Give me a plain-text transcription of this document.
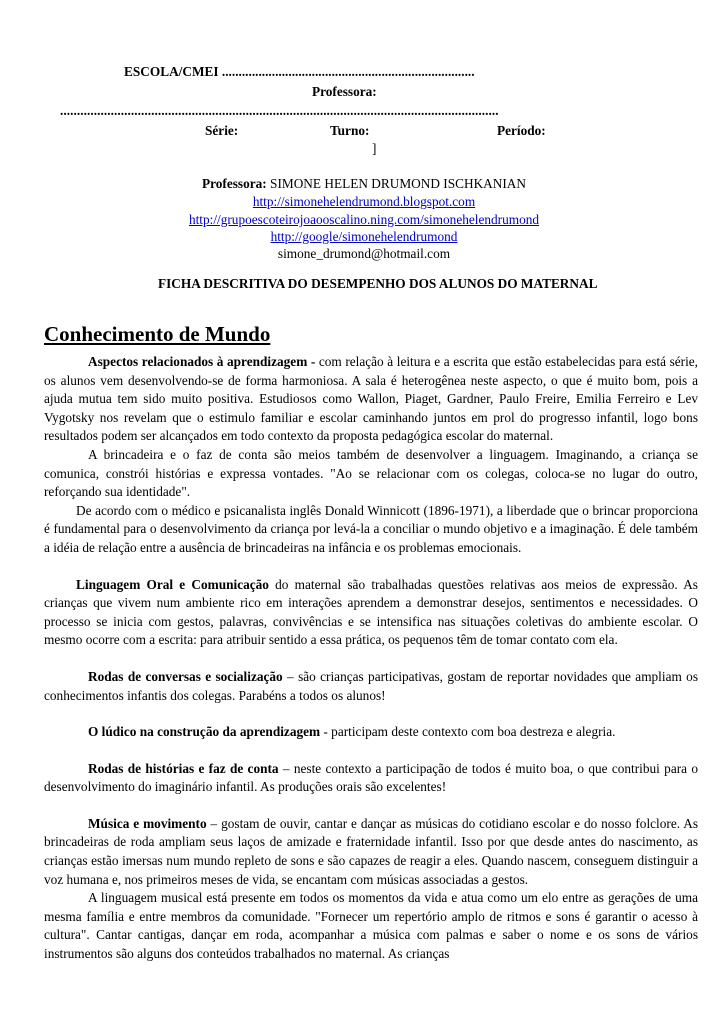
ESCOLA/CMEI ............................................................................
Professora:
..................................................................................................................................
Série:	Turno:	Período:
]
Professora: SIMONE HELEN DRUMOND ISCHKANIAN
http://simonehelendrumond.blogspot.com
http://grupoescoteirojoaooscalino.ning.com/simonehelendrumond
http://google/simonehelendrumond
simone_drumond@hotmail.com
FICHA DESCRITIVA DO DESEMPENHO DOS ALUNOS DO MATERNAL
Conhecimento de Mundo

Aspectos relacionados à aprendizagem - com relação à leitura e a escrita que estão estabelecidas para está série, os alunos vem desenvolvendo-se de forma harmoniosa. A sala é heterogênea neste aspecto, o que é muito bom, pois a ajuda mutua tem sido muito positiva. Estudiosos como Wallon, Piaget, Gardner, Paulo Freire, Emilia Ferreiro e Lev Vygotsky nos revelam que o estimulo familiar e escolar caminhando juntos em prol do progresso infantil, logo bons resultados podem ser alcançados em todo contexto da proposta pedagógica escolar do maternal.

A brincadeira e o faz de conta são meios também de desenvolver a linguagem. Imaginando, a criança se comunica, constrói histórias e expressa vontades. "Ao se relacionar com os colegas, coloca-se no lugar do outro, reforçando sua identidade".

De acordo com o médico e psicanalista inglês Donald Winnicott (1896-1971), a liberdade que o brincar proporciona é fundamental para o desenvolvimento da criança por levá-la a conciliar o mundo objetivo e a imaginação. É dele também a idéia de relação entre a ausência de brincadeiras na infância e os problemas emocionais.

Linguagem Oral e Comunicação do maternal são trabalhadas questões relativas aos meios de expressão. As crianças que vivem num ambiente rico em interações aprendem a demonstrar desejos, sentimentos e necessidades. O processo se inicia com gestos, palavras, convivências e se intensifica nas situações coletivas do ambiente escolar. O mesmo ocorre com a escrita: para atribuir sentido a essa prática, os pequenos têm de tomar contato com ela.

Rodas de conversas e socialização – são crianças participativas, gostam de reportar novidades que ampliam os conhecimentos infantis dos colegas. Parabéns a todos os alunos!

O lúdico na construção da aprendizagem - participam deste contexto com boa destreza e alegria.

Rodas de histórias e faz de conta – neste contexto a participação de todos é muito boa, o que contribui para o desenvolvimento do imaginário infantil. As produções orais são excelentes!

Música e movimento – gostam de ouvir, cantar e dançar as músicas do cotidiano escolar e do nosso folclore. As brincadeiras de roda ampliam seus laços de amizade e fraternidade infantil. Isso por que desde antes do nascimento, as crianças estão imersas num mundo repleto de sons e são capazes de reagir a eles. Quando nascem, conseguem distinguir a voz humana e, nos primeiros meses de vida, se encantam com músicas associadas a gestos.

A linguagem musical está presente em todos os momentos da vida e atua como um elo entre as gerações de uma mesma família e entre membros da comunidade. "Fornecer um repertório amplo de ritmos e sons é garantir o acesso à cultura". Cantar cantigas, dançar em roda, acompanhar a música com palmas e saber o nome e os sons de vários instrumentos são alguns dos conteúdos trabalhados no maternal. As crianças
